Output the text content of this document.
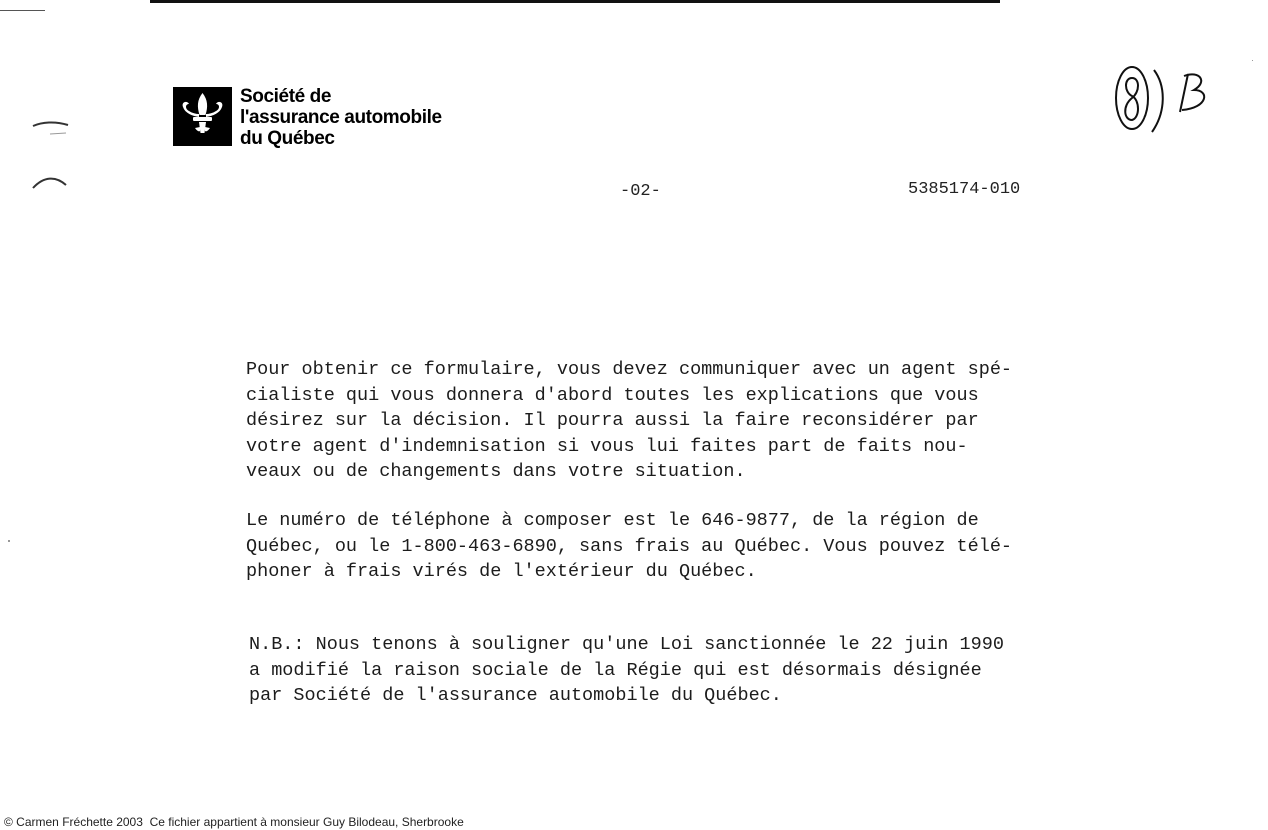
Société de
l'assurance automobile
du Québec
-02-	5385174-010
Pour obtenir ce formulaire, vous devez communiquer avec un agent spé-
cialiste qui vous donnera d'abord toutes les explications que vous
désirez sur la décision. Il pourra aussi la faire reconsidérer par
votre agent d'indemnisation si vous lui faites part de faits nou-
veaux ou de changements dans votre situation.
Le numéro de téléphone à composer est le 646-9877, de la région de
Québec, ou le 1-800-463-6890, sans frais au Québec. Vous pouvez télé-
phoner à frais virés de l'extérieur du Québec.
N.B.: Nous tenons à souligner qu'une Loi sanctionnée le 22 juin 1990
a modifié la raison sociale de la Régie qui est désormais désignée
par Société de l'assurance automobile du Québec.
© Carmen Fréchette 2003  Ce fichier appartient à monsieur Guy Bilodeau, Sherbrooke
